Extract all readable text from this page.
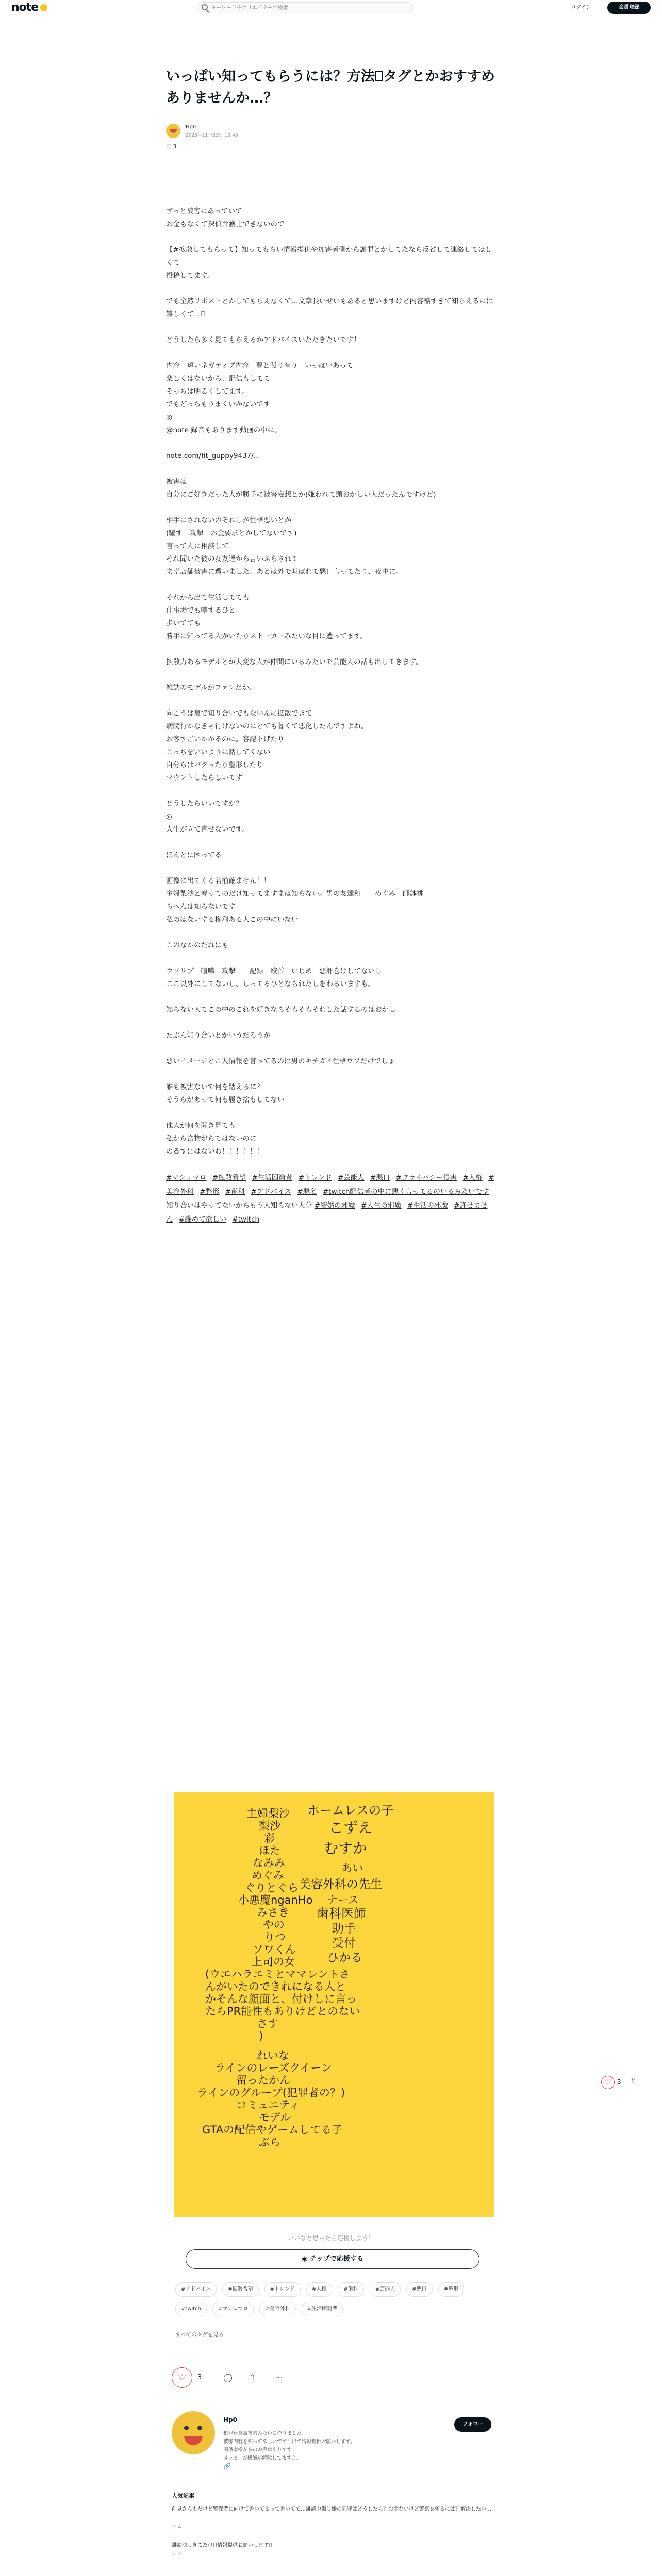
note
キーワードやクリエイターで検索	ログイン	会員登録
いっぱい知ってもらうには？方法⎕タグとかおすすめありませんか…？
Hp0
2023年11月23日 10:46
♡ 3

ずっと被害にあっていて
お金もなくて探偵弁護士できないので

【#拡散してもらって】知ってもらい情報提供や加害者側から謝罪とかしてたなら反省して連絡してほしくて
投稿してます。

でも全然リポストとかしてもらえなくて…文章長いせいもあると思いますけど内容酷すぎて知らえるには難しくて…⎕

どうしたら多く見てもらえるかアドバイスいただきたいです！

内容　短いネガティブ内容　夢と関り有り　いっぱいあって
楽しくはないから、配信もしてて
そっちは明るくしてます。
でもどっちもうまくいかないです
◎
@note 録音もあります動画の中に。

note.com/fit_guppy9437/...

被害は
自分にご好きだった人が勝手に被害妄想とか(嫌われて頭おかしい人だったんですけど)

相手にされないのそれしが性格悪いとか
(騙す　攻撃　お金要求とかしてないです)
言って人に相談して
それ聞いた彼の女友達から言いふらされて
まず店舗被害に遭いました。あとは外で叫ばれて悪口言ってたり、夜中に。

それから出て生活してても
仕事場でも噂するひと
歩いてても
勝手に知ってる人がいたりストーカーみたいな目に遭ってます。

拡散力あるモデルとか大変な人が仲間にいるみたいで芸能人の話も出してきます。

雑誌のモデルがファンだか。

向こうは裏で知り合いでもないんに拡散できて
病院行かなきゃ行けないのにとても暮くて悪化したんですよね。
お客すごいかかるのに。容認下げたり
こっちをいいように話してくない
自分らはバクったり整形したり
マウントしたらしいです

どうしたらいいですか？
◎
人生が立て直せないです。

ほんとに困ってる

画像に出てくる名前確ません！！
主婦梨沙と春ってのだけ知ってますまは知らない。男の友達和　　めぐみ　師鉢桃
らへんは知らないです
私のはないする権利ある人この中にいない

このなかのだれにも

ウソリプ　喧嘩　攻撃　　記録　絞首　いじめ　悪評巻けしてないし
ここ以外にしてないし、しってるひとなられたしをわるいますも。

知らない人でこの中のこれを好きならそもそもそれした話するのはおかし

たぶん知り合いとかいうだろうが

悪いイメージとこ人情報を言ってるのは男のキチガイ性格ウソだけでしょ

誰も被害ないで何を踏えるに？
そうらがあって何も履き捨もしてない

他人が何を聞き見ても
私から宮物がらではないのに
のるすにはないわ！！！！！！

#マシュマロ #拡散希望 #生活困窮者 #トレンド #芸能人 #悪口 #プライバシー侵害 #人権 #美容外科 #整形 #歯科 #アドバイス #悪名 #twitch配信者の中に悪く言ってるのいるみたいです 知り合いはやってないからもう人知らない人分 #結婚の邪魔 #人生の邪魔 #生活の邪魔 #許せません #誰めて欲しい #twitch
主婦梨沙
梨沙
彩
ほた
なみみ
めぐみ
ぐりとぐら
小悪魔nganHo
みさき
やの
りつ
ソワくん
上司の女
(ウエハラエミとママレントさ
んがいたのできれになる人と
かそんな顔面と、付けしに言っ
たらPR能性もありけどとのない
さす
)
れいな
ラインのレーズクイーン
留ったかん
ラインのグループ(犯罪者の？)
コミュニティ
モデル
GTAの配信やゲームしてる子
ぶら
ホームレスの子
こずえ
むすか
あい
美容外科の先生
ナース
歯科医師
助手
受付
ひかる
♡	3 ⇪
いいなと思ったら応援しよう！
◉ チップで応援する
#アドバイス	#拡散希望	#トレンド	#人権	#歯科	#芸能人	#悪口	#整形 #twitch	#マシュマロ	#美容外科	#生活困窮者
すべてのタグを見る
♡ 3	◯ ⇪ ⋯
Hp0
犯罪行為被害者みたいに作りました。
被害内容を知って欲しいです！出で情報提供お願いします。
関係者様からのお声はありです！
メッセージ機能が解除してますよ。
🔗
フォロー
人気記事
前見さんもだけど警保者に向けて書いてるって書いてて…誹謗中傷し嫌の犯罪はどうしたら？お金ないけど警察を頼るには？解決したい…
♡ 4
誹謗決しきてたけ!!情報提供お願いします!!
♡ 2
